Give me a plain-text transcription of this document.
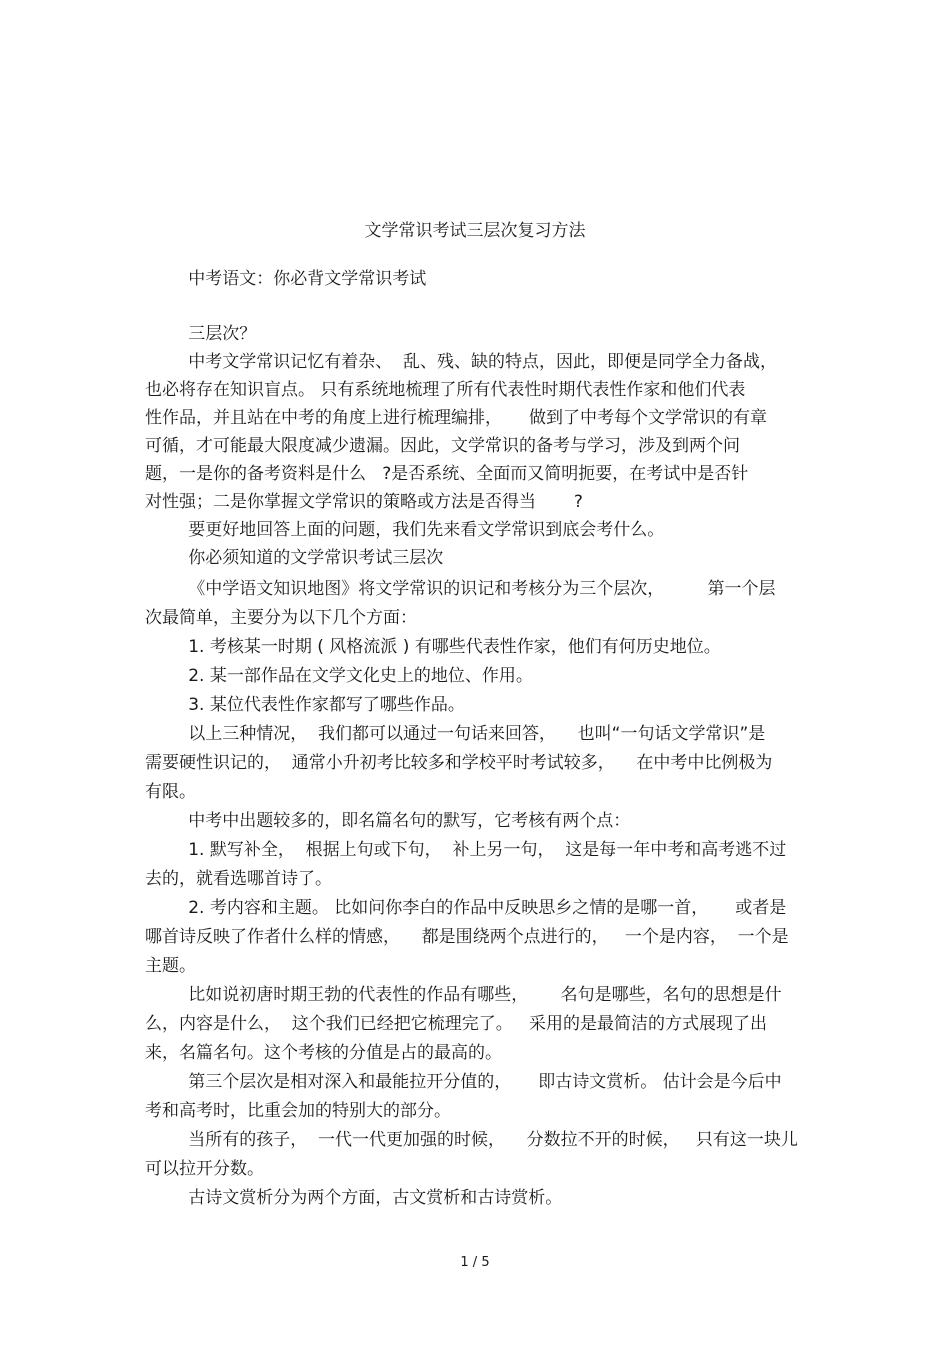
文学常识考试三层次复习方法

中考语文：你必背文学常识考试

三层次？

中考文学常识记忆有着杂、  乱、残、缺的特点，因此，即便是同学全力备战，

也必将存在知识盲点。 只有系统地梳理了所有代表性时期代表性作家和他们代表

性作品，并且站在中考的角度上进行梳理编排，     做到了中考每个文学常识的有章

可循，才可能最大限度减少遗漏。因此，文学常识的备考与学习，涉及到两个问

题，一是你的备考资料是什么   ?是否系统、全面而又简明扼要，在考试中是否针

对性强；二是你掌握文学常识的策略或方法是否得当       ?

要更好地回答上面的问题，我们先来看文学常识到底会考什么。

你必须知道的文学常识考试三层次

《中学语文知识地图》将文学常识的识记和考核分为三个层次，        第一个层

次最简单，主要分为以下几个方面：

1. 考核某一时期 ( 风格流派 ) 有哪些代表性作家，他们有何历史地位。

2. 某一部作品在文学文化史上的地位、作用。

3. 某位代表性作家都写了哪些作品。

以上三种情况，  我们都可以通过一句话来回答，    也叫“一句话文学常识”是

需要硬性识记的，  通常小升初考比较多和学校平时考试较多，    在中考中比例极为

有限。

中考中出题较多的，即名篇名句的默写，它考核有两个点：

1. 默写补全，  根据上句或下句，  补上另一句，  这是每一年中考和高考逃不过

去的，就看选哪首诗了。

2. 考内容和主题。 比如问你李白的作品中反映思乡之情的是哪一首，     或者是

哪首诗反映了作者什么样的情感，    都是围绕两个点进行的，   一个是内容，  一个是

主题。

比如说初唐时期王勃的代表性的作品有哪些，      名句是哪些，名句的思想是什

么，内容是什么，  这个我们已经把它梳理完了。   采用的是最简洁的方式展现了出

来，名篇名句。这个考核的分值是占的最高的。

第三个层次是相对深入和最能拉开分值的，     即古诗文赏析。 估计会是今后中

考和高考时，比重会加的特别大的部分。

当所有的孩子，  一代一代更加强的时候，    分数拉不开的时候，   只有这一块儿

可以拉开分数。

古诗文赏析分为两个方面，古文赏析和古诗赏析。

1 / 5
